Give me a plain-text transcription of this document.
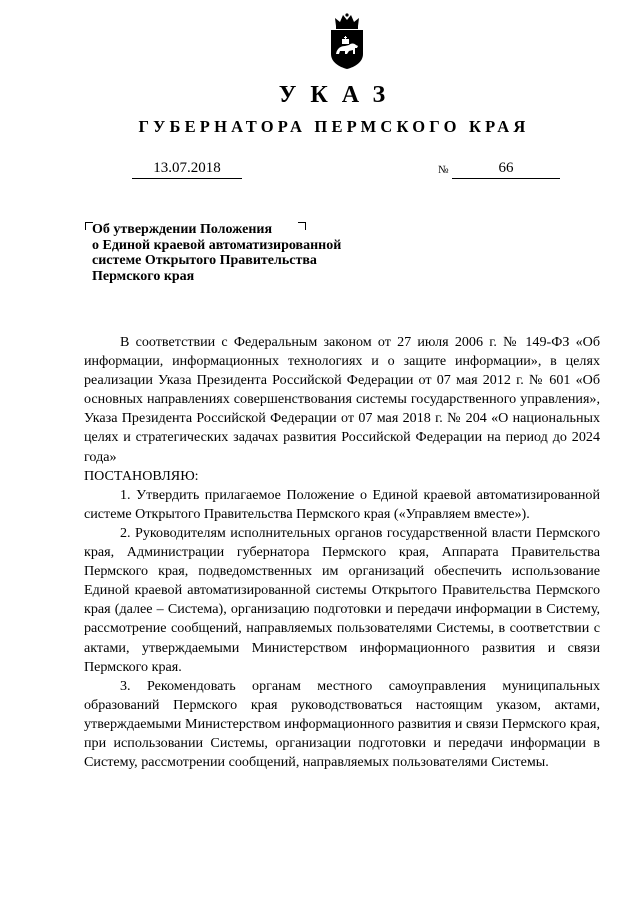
УКАЗ
ГУБЕРНАТОРА ПЕРМСКОГО КРАЯ
13.07.2018	№	66
Об утверждении Положения
о Единой краевой автоматизированной
системе Открытого Правительства
Пермского края

В соответствии с Федеральным законом от 27 июля 2006 г. № 149-ФЗ «Об информации, информационных технологиях и о защите информации», в целях реализации Указа Президента Российской Федерации от 07 мая 2012 г. № 601 «Об основных направлениях совершенствования системы государственного управления», Указа Президента Российской Федерации от 07 мая 2018 г. № 204 «О национальных целях и стратегических задачах развития Российской Федерации на период до 2024 года»

ПОСТАНОВЛЯЮ:

1. Утвердить прилагаемое Положение о Единой краевой автоматизированной системе Открытого Правительства Пермского края («Управляем вместе»).

2. Руководителям исполнительных органов государственной власти Пермского края, Администрации губернатора Пермского края, Аппарата Правительства Пермского края, подведомственных им организаций обеспечить использование Единой краевой автоматизированной системы Открытого Правительства Пермского края (далее – Система), организацию подготовки и передачи информации в Систему, рассмотрение сообщений, направляемых пользователями Системы, в соответствии с актами, утверждаемыми Министерством информационного развития и связи Пермского края.

3. Рекомендовать органам местного самоуправления муниципальных образований Пермского края руководствоваться настоящим указом, актами, утверждаемыми Министерством информационного развития и связи Пермского края, при использовании Системы, организации подготовки и передачи информации в Систему, рассмотрении сообщений, направляемых пользователями Системы.
